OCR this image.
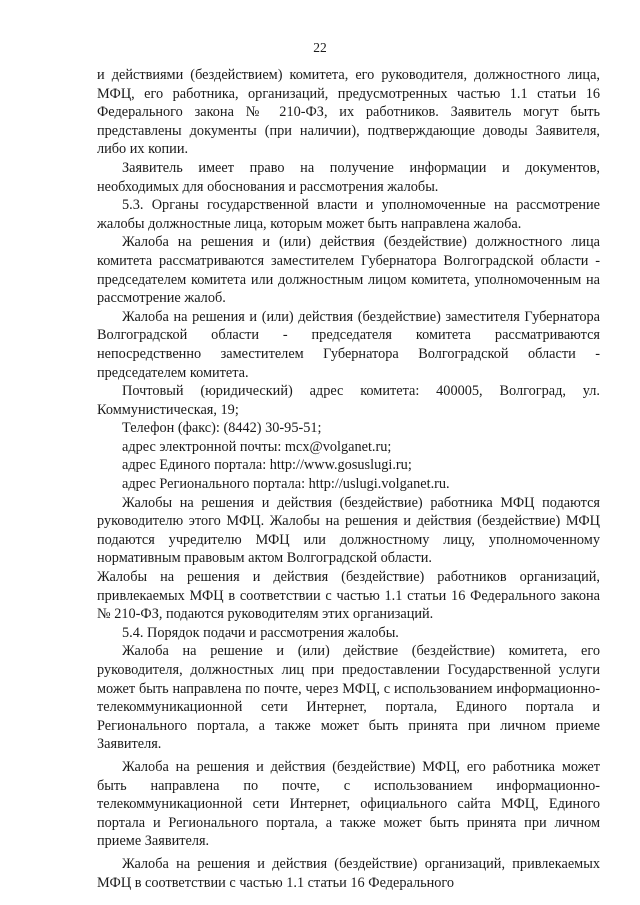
22

и действиями (бездействием) комитета, его руководителя, должностного лица, МФЦ, его работника, организаций, предусмотренных частью 1.1 статьи 16 Федерального закона № 210-ФЗ, их работников. Заявитель могут быть представлены документы (при наличии), подтверждающие доводы Заявителя, либо их копии.

Заявитель имеет право на получение информации и документов, необходимых для обоснования и рассмотрения жалобы.

5.3. Органы государственной власти и уполномоченные на рассмотрение жалобы должностные лица, которым может быть направлена жалоба.

Жалоба на решения и (или) действия (бездействие) должностного лица комитета рассматриваются заместителем Губернатора Волгоградской области - председателем комитета или должностным лицом комитета, уполномоченным на рассмотрение жалоб.

Жалоба на решения и (или) действия (бездействие) заместителя Губернатора Волгоградской области - председателя комитета рассматриваются непосредственно заместителем Губернатора Волгоградской области - председателем комитета.

Почтовый (юридический) адрес комитета: 400005, Волгоград, ул. Коммунистическая, 19;

Телефон (факс): (8442) 30-95-51;

адрес электронной почты: mcx@volganet.ru;

адрес Единого портала: http://www.gosuslugi.ru;

адрес Регионального портала: http://uslugi.volganet.ru.

Жалобы на решения и действия (бездействие) работника МФЦ подаются руководителю этого МФЦ. Жалобы на решения и действия (бездействие) МФЦ подаются учредителю МФЦ или должностному лицу, уполномоченному нормативным правовым актом Волгоградской области.

Жалобы на решения и действия (бездействие) работников организаций, привлекаемых МФЦ в соответствии с частью 1.1 статьи 16 Федерального закона № 210-ФЗ, подаются руководителям этих организаций.

5.4. Порядок подачи и рассмотрения жалобы.

Жалоба на решение и (или) действие (бездействие) комитета, его руководителя, должностных лиц при предоставлении Государственной услуги может быть направлена по почте, через МФЦ, с использованием информационно-телекоммуникационной сети Интернет, портала, Единого портала и Регионального портала, а также может быть принята при личном приеме Заявителя.

Жалоба на решения и действия (бездействие) МФЦ, его работника может быть направлена по почте, с использованием информационно-телекоммуникационной сети Интернет, официального сайта МФЦ, Единого портала и Регионального портала, а также может быть принята при личном приеме Заявителя.

Жалоба на решения и действия (бездействие) организаций, привлекаемых МФЦ в соответствии с частью 1.1 статьи 16 Федерального
